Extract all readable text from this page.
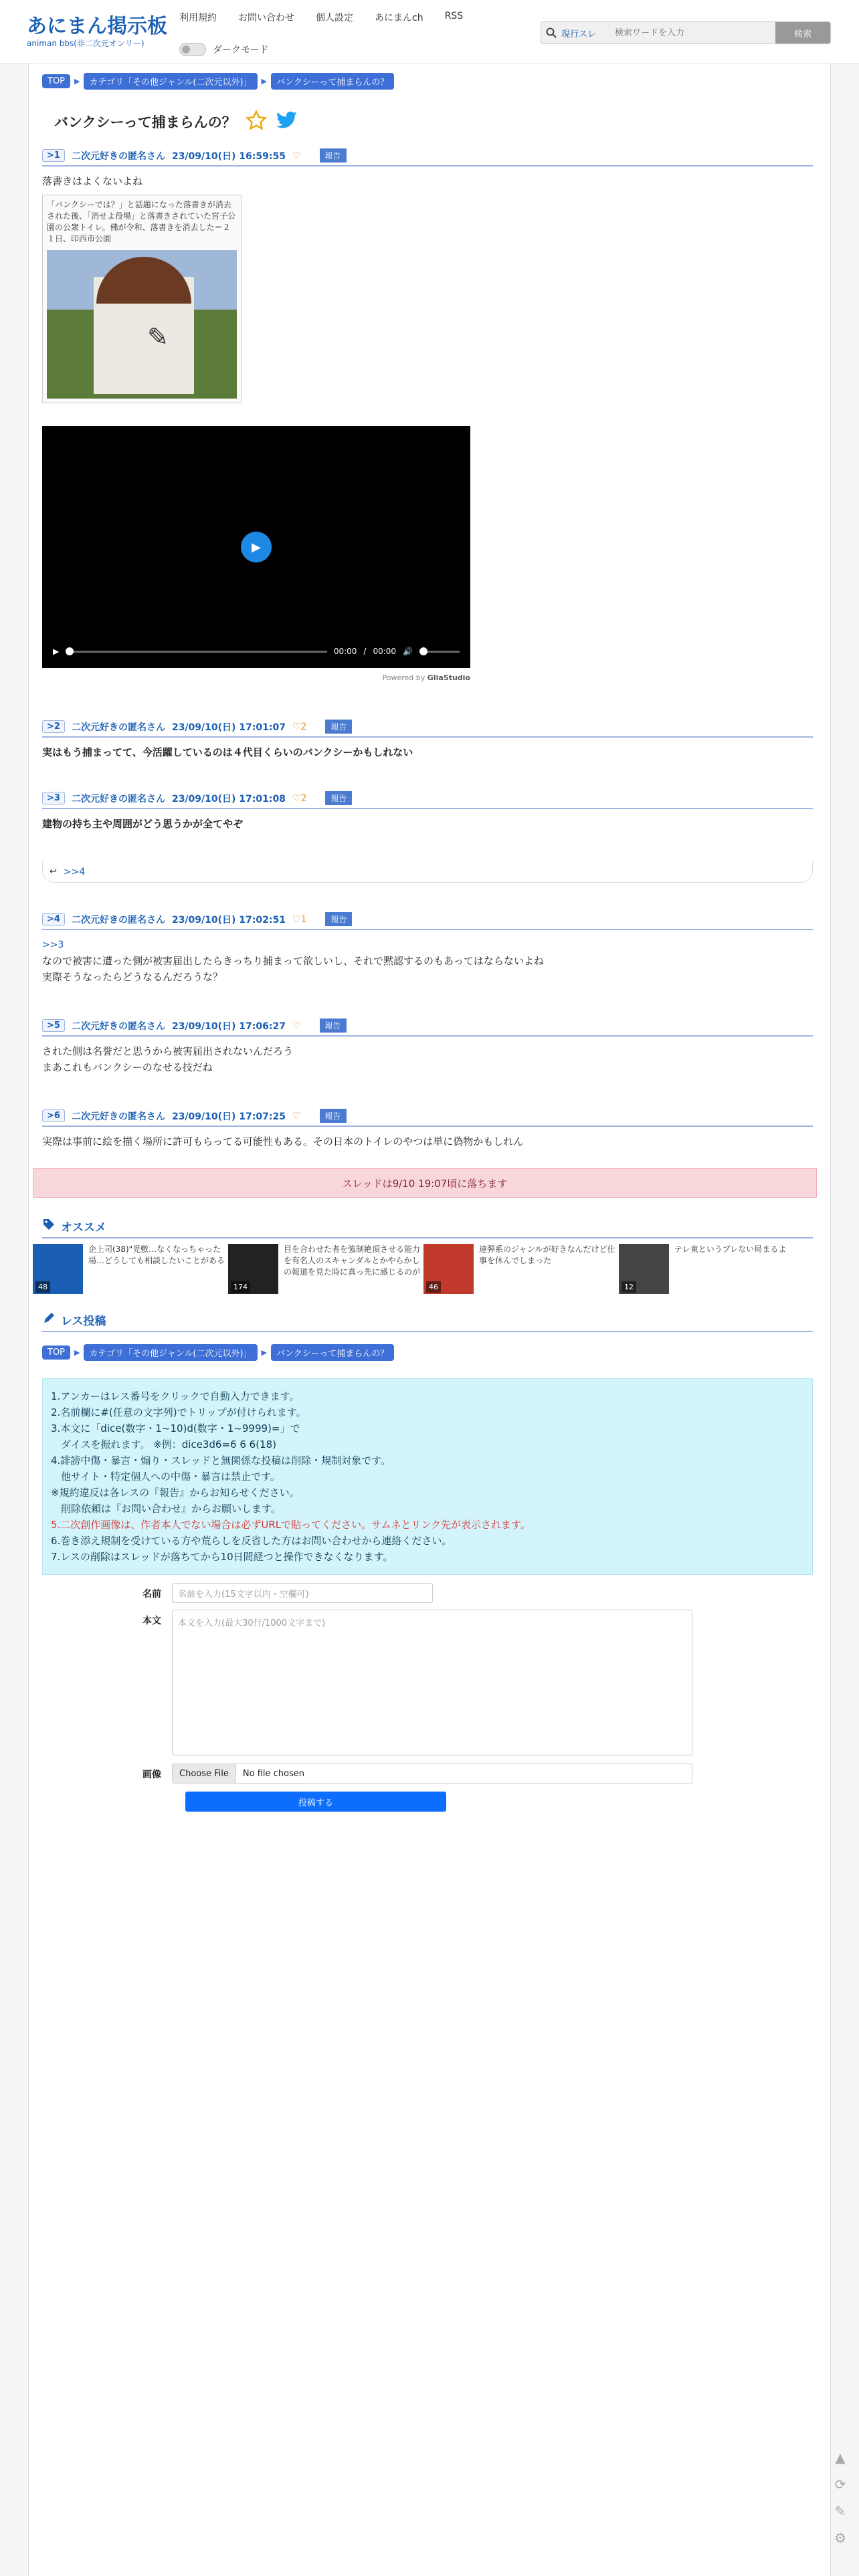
あにまん掲示板
animan bbs(非二次元オンリー)
利用規約 お問い合わせ 個人設定 あにまんch RSS
ダークモード
現行スレ
検索ワードを入力	検索
TOP	▶	カテゴリ「その他ジャンル(二次元以外)」	▶	バンクシーって捕まらんの？
バンクシーって捕まらんの？
>1	二次元好きの匿名さん 23/09/10(日) 16:59:55 ♡	報告
落書きはよくないよね
「バンクシーでは？」と話題になった落書きが消去された後、「消せよ役場」と落書きされていた宮子公園の公衆トイレ。佛が令和、落書きを消去した＝２１日、印西市公園
✎
▶
▶	00:00 / 00:00 🔊
Powered by GliaStudio
>2	二次元好きの匿名さん 23/09/10(日) 17:01:07 ♡2	報告
実はもう捕まってて、今活躍しているのは４代目くらいのバンクシーかもしれない
>3	二次元好きの匿名さん 23/09/10(日) 17:01:08 ♡2	報告
建物の持ち主や周囲がどう思うかが全てやぞ
↩ >>4
>4	二次元好きの匿名さん 23/09/10(日) 17:02:51 ♡1	報告
>>3
なので被害に遭った側が被害届出したらきっちり捕まって欲しいし、それで黙認するのもあってはならないよね
実際そうなったらどうなるんだろうな？
>5	二次元好きの匿名さん 23/09/10(日) 17:06:27 ♡	報告
された側は名誉だと思うから被害届出されないんだろう
まあこれもバンクシーのなせる技だね
>6	二次元好きの匿名さん 23/09/10(日) 17:07:25 ♡	報告
実際は事前に絵を描く場所に許可もらってる可能性もある。その日本のトイレのやつは単に偽物かもしれん
スレッドは9/10 19:07頃に落ちます
オススメ
48
企上司(38)"児敷…なくなっちゃった場…どうしても相談したいことがある
174
目を合わせた者を強制絶頂させる能力を有名人のスキャンダルとかやらかしの報道を見た時に真っ先に感じるのが
46
連弾系のジャンルが好きなんだけど仕事を休んでしまった
12
テレ東というブレない局まるよ
レス投稿
TOP	▶	カテゴリ「その他ジャンル(二次元以外)」	▶	バンクシーって捕まらんの？
1.アンカーはレス番号をクリックで自動入力できます。
2.名前欄に#(任意の文字列)でトリップが付けられます。
3.本文に「dice(数字・1~10)d(数字・1~9999)=」で
　ダイスを振れます。 ※例：dice3d6=6 6 6(18)
4.誹謗中傷・暴言・煽り・スレッドと無関係な投稿は削除・規制対象です。
　他サイト・特定個人への中傷・暴言は禁止です。
※規約違反は各レスの『報告』からお知らせください。
　削除依頼は『お問い合わせ』からお願いします。
5.二次創作画像は、作者本人でない場合は必ずURLで貼ってください。サムネとリンク先が表示されます。
6.巻き添え規制を受けている方や荒らしを反省した方はお問い合わせから連絡ください。
7.レスの削除はスレッドが落ちてから10日間経つと操作できなくなります。
名前	名前を入力(15文字以内・空欄可)
本文	本文を入力(最大30行/1000文字まで)
画像	Choose File	No file chosen
投稿する
▲
⟳
✎
⚙
